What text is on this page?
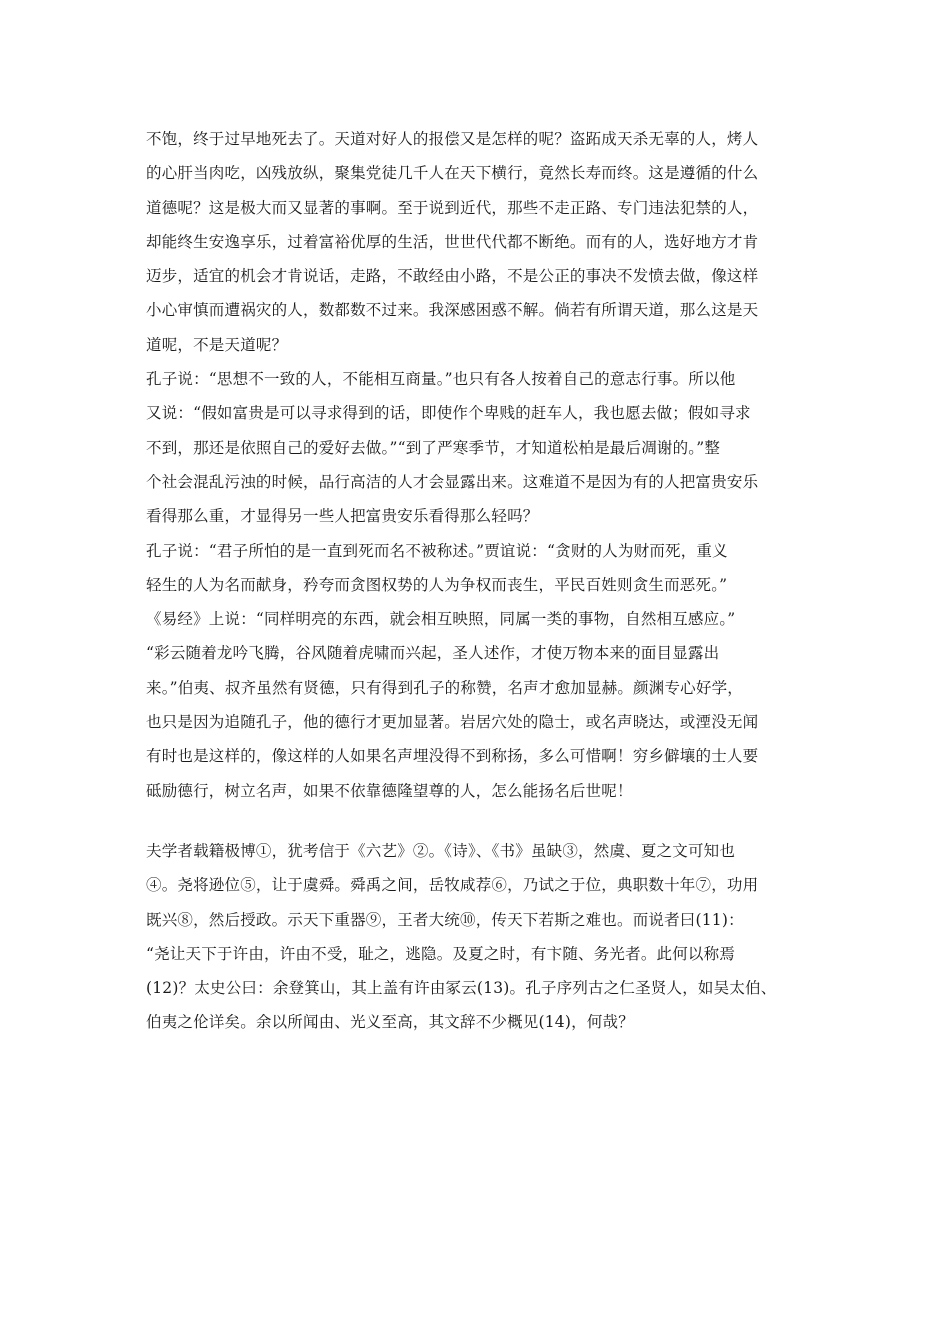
不饱，终于过早地死去了。天道对好人的报偿又是怎样的呢？盗跖成天杀无辜的人，烤人
的心肝当肉吃，凶残放纵，聚集党徒几千人在天下横行，竟然长寿而终。这是遵循的什么
道德呢？这是极大而又显著的事啊。至于说到近代，那些不走正路、专门违法犯禁的人，
却能终生安逸享乐，过着富裕优厚的生活，世世代代都不断绝。而有的人，选好地方才肯
迈步，适宜的机会才肯说话，走路，不敢经由小路，不是公正的事决不发愤去做，像这样
小心审慎而遭祸灾的人，数都数不过来。我深感困惑不解。倘若有所谓天道，那么这是天
道呢，不是天道呢？
孔子说：“思想不一致的人，不能相互商量。”也只有各人按着自己的意志行事。所以他
又说：“假如富贵是可以寻求得到的话，即使作个卑贱的赶车人，我也愿去做；假如寻求
不到，那还是依照自己的爱好去做。”“到了严寒季节，才知道松柏是最后凋谢的。”整
个社会混乱污浊的时候，品行高洁的人才会显露出来。这难道不是因为有的人把富贵安乐
看得那么重，才显得另一些人把富贵安乐看得那么轻吗？
孔子说：“君子所怕的是一直到死而名不被称述。”贾谊说：“贪财的人为财而死，重义
轻生的人为名而献身，矜夸而贪图权势的人为争权而丧生，平民百姓则贪生而恶死。”
《易经》上说：“同样明亮的东西，就会相互映照，同属一类的事物，自然相互感应。”
“彩云随着龙吟飞腾，谷风随着虎啸而兴起，圣人述作，才使万物本来的面目显露出
来。”伯夷、叔齐虽然有贤德，只有得到孔子的称赞，名声才愈加显赫。颜渊专心好学，
也只是因为追随孔子，他的德行才更加显著。岩居穴处的隐士，或名声晓达，或湮没无闻
有时也是这样的，像这样的人如果名声埋没得不到称扬，多么可惜啊！穷乡僻壤的士人要
砥励德行，树立名声，如果不依靠德隆望尊的人，怎么能扬名后世呢！
夫学者载籍极博①，犹考信于《六艺》②。《诗》、《书》虽缺③，然虞、夏之文可知也
④。尧将逊位⑤，让于虞舜。舜禹之间，岳牧咸荐⑥，乃试之于位，典职数十年⑦，功用
既兴⑧，然后授政。示天下重器⑨，王者大统⑩，传天下若斯之难也。而说者曰(11)：
“尧让天下于许由，许由不受，耻之，逃隐。及夏之时，有卞随、务光者。此何以称焉
(12)？太史公曰：余登箕山，其上盖有许由冢云(13)。孔子序列古之仁圣贤人，如吴太伯、
伯夷之伦详矣。余以所闻由、光义至高，其文辞不少概见(14)，何哉？
